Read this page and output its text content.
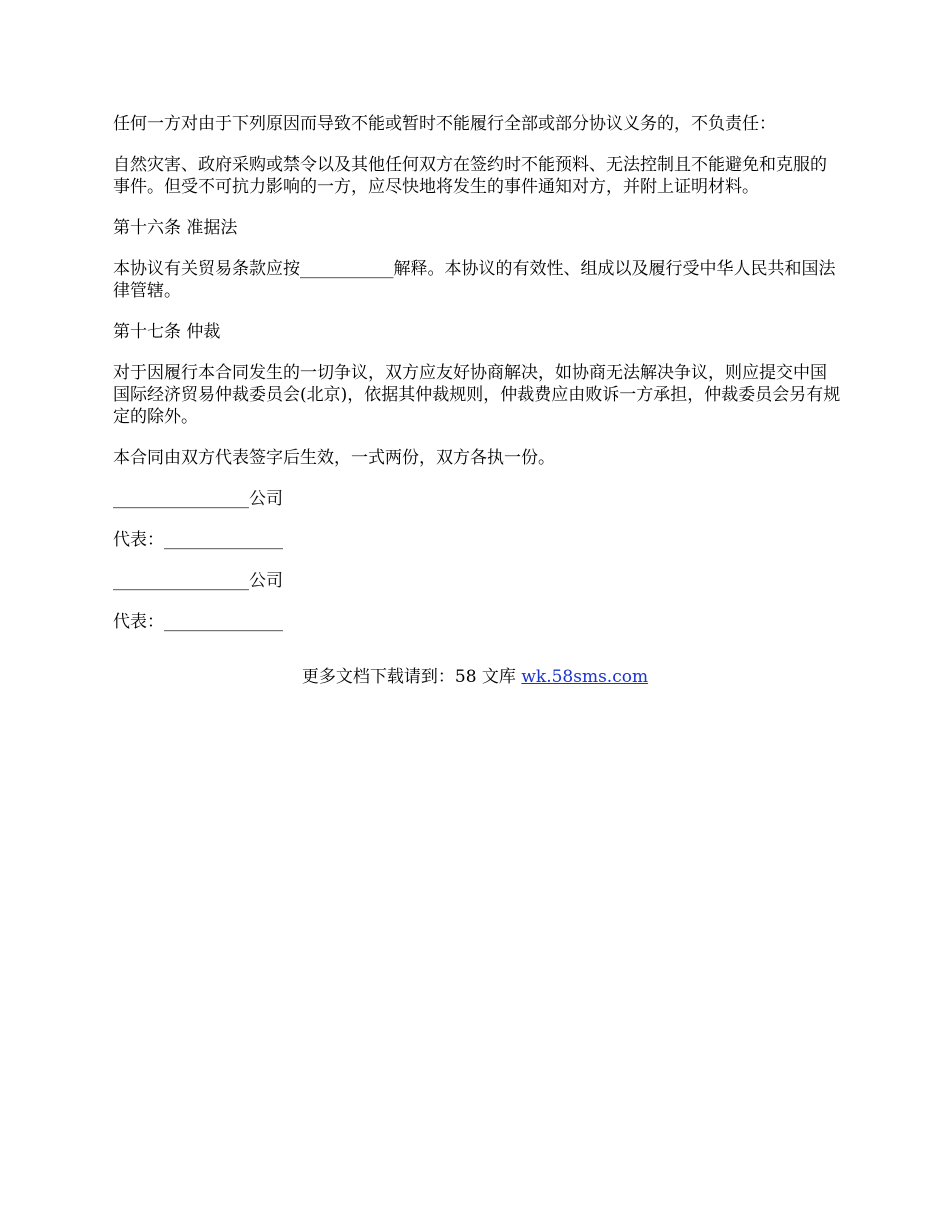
任何一方对由于下列原因而导致不能或暂时不能履行全部或部分协议义务的，不负责任：

自然灾害、政府采购或禁令以及其他任何双方在签约时不能预料、无法控制且不能避免和克服的事件。但受不可抗力影响的一方，应尽快地将发生的事件通知对方，并附上证明材料。

第十六条 准据法

本协议有关贸易条款应按___________解释。本协议的有效性、组成以及履行受中华人民共和国法律管辖。

第十七条 仲裁

对于因履行本合同发生的一切争议，双方应友好协商解决，如协商无法解决争议，则应提交中国国际经济贸易仲裁委员会(北京)，依据其仲裁规则，仲裁费应由败诉一方承担，仲裁委员会另有规定的除外。

本合同由双方代表签字后生效，一式两份，双方各执一份。

________________公司
代表：______________
________________公司
代表：______________
更多文档下载请到：58 文库 wk.58sms.com
